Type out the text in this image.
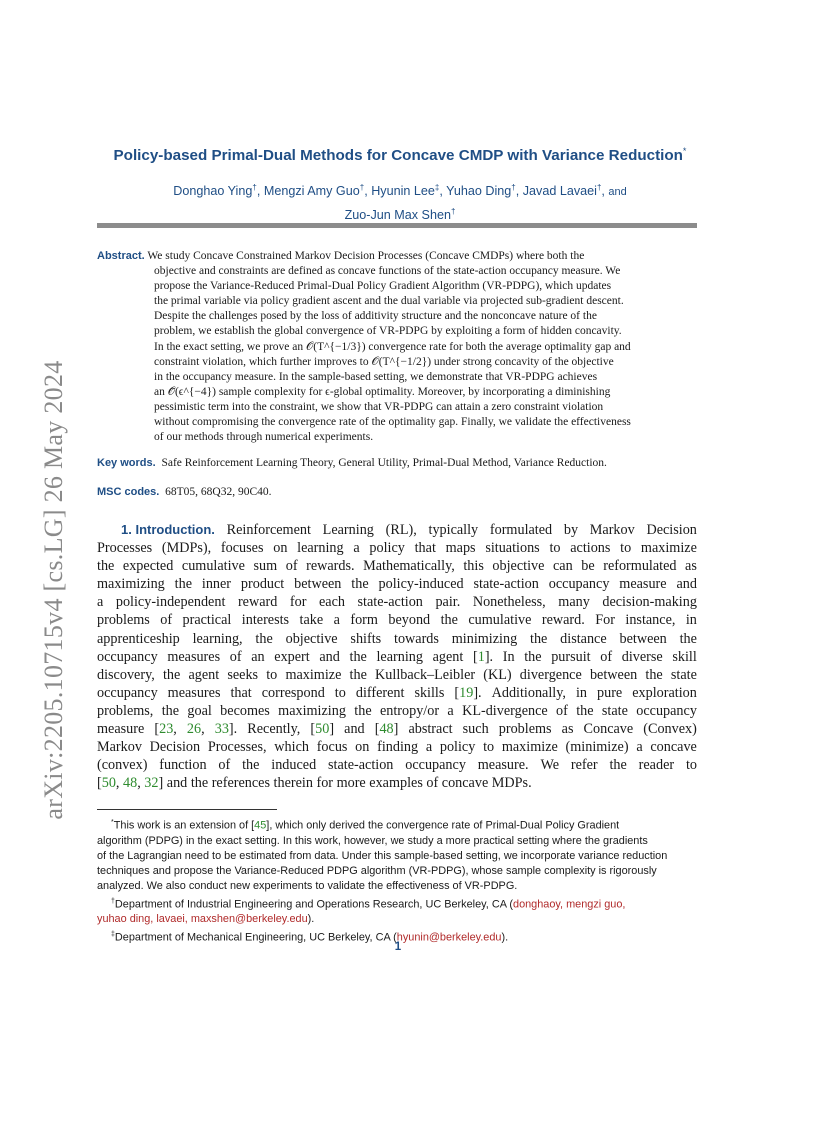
arXiv:2205.10715v4 [cs.LG] 26 May 2024
Policy-based Primal-Dual Methods for Concave CMDP with Variance Reduction*
Donghao Ying†, Mengzi Amy Guo†, Hyunin Lee‡, Yuhao Ding†, Javad Lavaei†, and
Zuo-Jun Max Shen†
Abstract. We study Concave Constrained Markov Decision Processes (Concave CMDPs) where both the
objective and constraints are defined as concave functions of the state-action occupancy measure. We
propose the Variance-Reduced Primal-Dual Policy Gradient Algorithm (VR-PDPG), which updates
the primal variable via policy gradient ascent and the dual variable via projected sub-gradient descent.
Despite the challenges posed by the loss of additivity structure and the nonconcave nature of the
problem, we establish the global convergence of VR-PDPG by exploiting a form of hidden concavity.
In the exact setting, we prove an 𝒪(T^{−1/3}) convergence rate for both the average optimality gap and
constraint violation, which further improves to 𝒪(T^{−1/2}) under strong concavity of the objective
in the occupancy measure. In the sample-based setting, we demonstrate that VR-PDPG achieves
an 𝒪̃(ϵ^{−4}) sample complexity for ϵ-global optimality. Moreover, by incorporating a diminishing
pessimistic term into the constraint, we show that VR-PDPG can attain a zero constraint violation
without compromising the convergence rate of the optimality gap. Finally, we validate the effectiveness
of our methods through numerical experiments.
Key words. Safe Reinforcement Learning Theory, General Utility, Primal-Dual Method, Variance Reduction.
MSC codes. 68T05, 68Q32, 90C40.
1. Introduction. Reinforcement Learning (RL), typically formulated by Markov Decision
Processes (MDPs), focuses on learning a policy that maps situations to actions to maximize
the expected cumulative sum of rewards. Mathematically, this objective can be reformulated as
maximizing the inner product between the policy-induced state-action occupancy measure and
a policy-independent reward for each state-action pair. Nonetheless, many decision-making
problems of practical interests take a form beyond the cumulative reward. For instance, in
apprenticeship learning, the objective shifts towards minimizing the distance between the
occupancy measures of an expert and the learning agent [1]. In the pursuit of diverse skill
discovery, the agent seeks to maximize the Kullback–Leibler (KL) divergence between the state
occupancy measures that correspond to different skills [19]. Additionally, in pure exploration
problems, the goal becomes maximizing the entropy/or a KL-divergence of the state occupancy
measure [23, 26, 33]. Recently, [50] and [48] abstract such problems as Concave (Convex)
Markov Decision Processes, which focus on finding a policy to maximize (minimize) a concave
(convex) function of the induced state-action occupancy measure. We refer the reader to
[50, 48, 32] and the references therein for more examples of concave MDPs.
*This work is an extension of [45], which only derived the convergence rate of Primal-Dual Policy Gradient
algorithm (PDPG) in the exact setting. In this work, however, we study a more practical setting where the gradients
of the Lagrangian need to be estimated from data. Under this sample-based setting, we incorporate variance reduction
techniques and propose the Variance-Reduced PDPG algorithm (VR-PDPG), whose sample complexity is rigorously
analyzed. We also conduct new experiments to validate the effectiveness of VR-PDPG.
†Department of Industrial Engineering and Operations Research, UC Berkeley, CA (donghaoy, mengzi guo,
yuhao ding, lavaei, maxshen@berkeley.edu).
‡Department of Mechanical Engineering, UC Berkeley, CA (hyunin@berkeley.edu).
1
